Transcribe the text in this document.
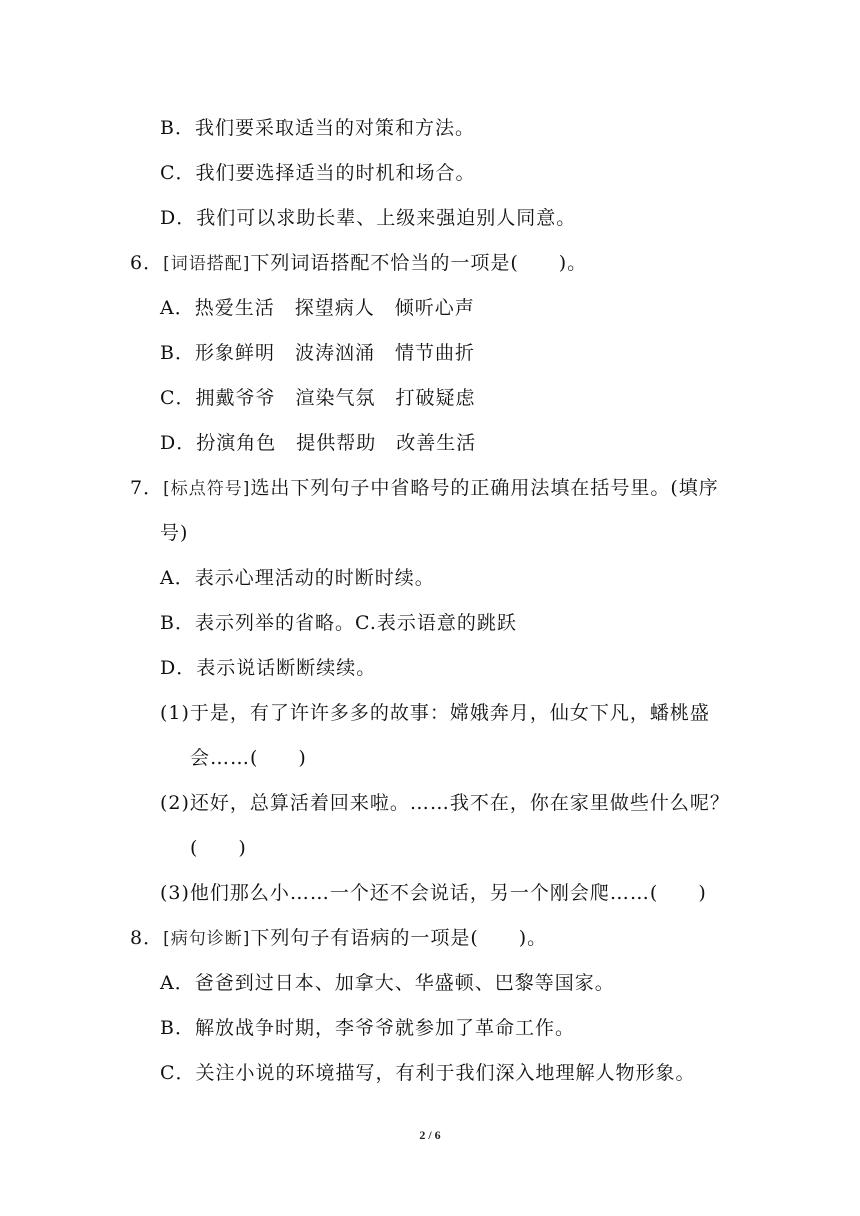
B．我们要采取适当的对策和方法。
C．我们要选择适当的时机和场合。
D．我们可以求助长辈、上级来强迫别人同意。
6．[词语搭配]下列词语搭配不恰当的一项是(　　)。
A．热爱生活　探望病人　倾听心声
B．形象鲜明　波涛汹涌　情节曲折
C．拥戴爷爷　渲染气氛　打破疑虑
D．扮演角色　提供帮助　改善生活
7．[标点符号]选出下列句子中省略号的正确用法填在括号里。(填序
号)
A．表示心理活动的时断时续。
B．表示列举的省略。C.表示语意的跳跃
D．表示说话断断续续。
(1)于是，有了许许多多的故事：嫦娥奔月，仙女下凡，蟠桃盛
会……(　　)
(2)还好，总算活着回来啦。……我不在，你在家里做些什么呢？
(　　)
(3)他们那么小……一个还不会说话，另一个刚会爬……(　　)
8．[病句诊断]下列句子有语病的一项是(　　)。
A．爸爸到过日本、加拿大、华盛顿、巴黎等国家。
B．解放战争时期，李爷爷就参加了革命工作。
C．关注小说的环境描写，有利于我们深入地理解人物形象。
2 / 6
